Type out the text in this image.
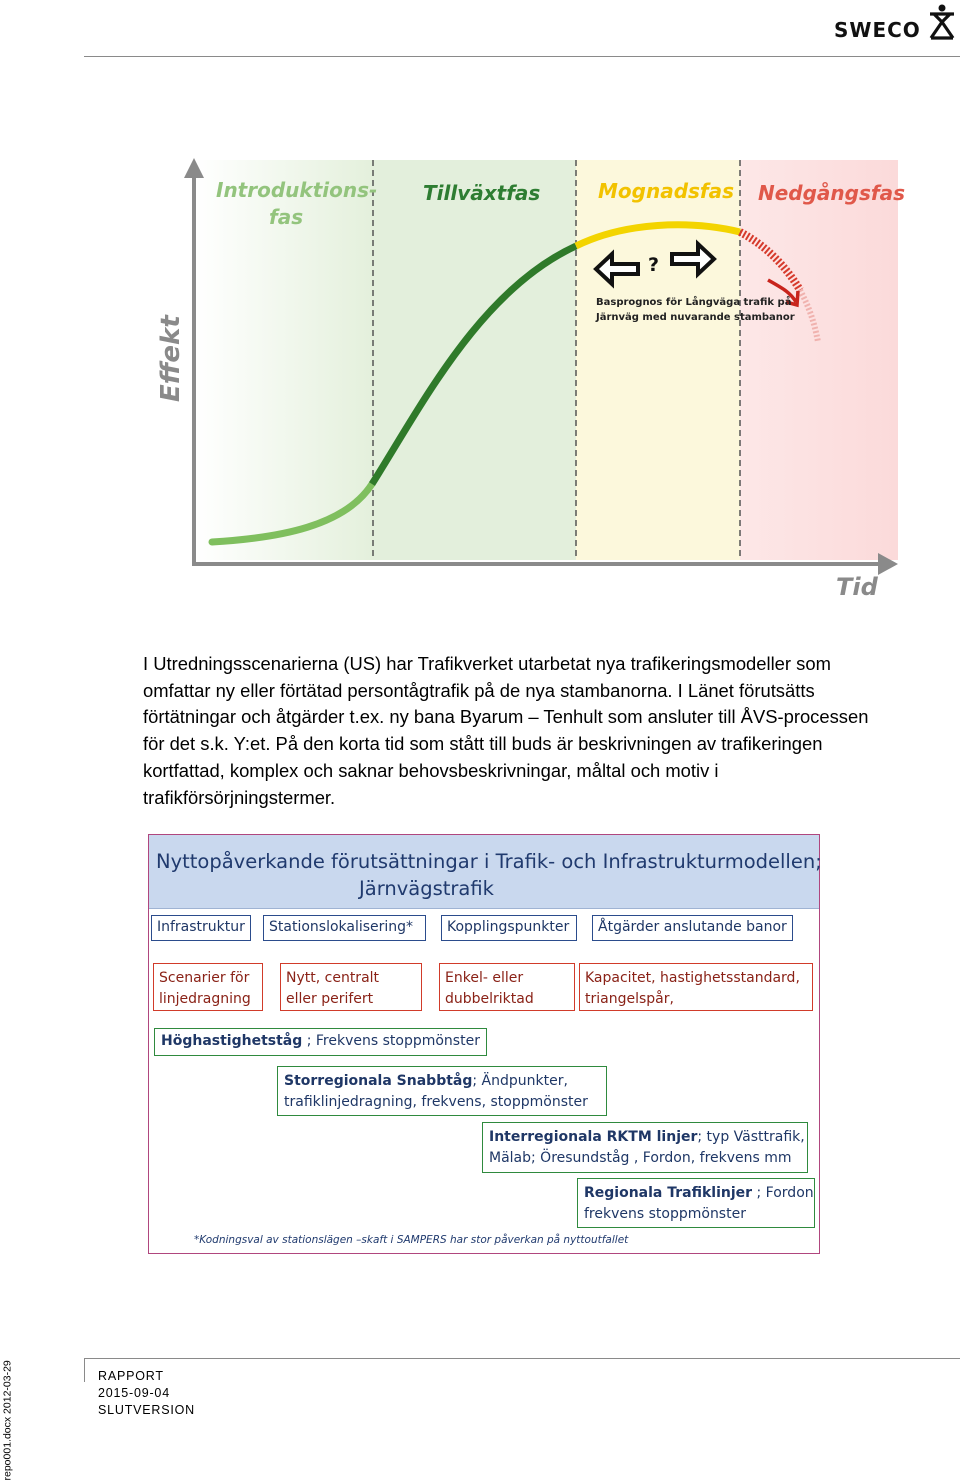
SWECO
?
Basprognos för Långväga trafik på
Järnväg med nuvarande stambanor
Introduktions-
fas
Tillväxtfas	Mognadsfas Nedgångsfas
Effekt
Tid
I Utredningsscenarierna (US) har Trafikverket utarbetat nya trafikeringsmodeller som
omfattar ny eller förtätad persontågtrafik på de nya stambanorna. I Länet förutsätts
förtätningar och åtgärder t.ex. ny bana Byarum – Tenhult som ansluter till ÅVS-processen
för det s.k. Y:et. På den korta tid som stått till buds är beskrivningen av trafikeringen
kortfattad, komplex och saknar behovsbeskrivningar, måltal och motiv i
trafikförsörjningstermer.
Nyttopåverkande förutsättningar i Trafik- och Infrastrukturmodellen;
Järnvägstrafik
Infrastruktur	Stationslokalisering*	Kopplingspunkter	Åtgärder anslutande banor
Scenarier för
linjedragning
Nytt, centralt
eller perifert
Enkel- eller
dubbelriktad
Kapacitet, hastighetsstandard,
triangelspår,
Höghastighetståg ; Frekvens stoppmönster
Storregionala Snabbtåg; Ändpunkter,
trafiklinjedragning, frekvens, stoppmönster
Interregionala RKTM linjer; typ Västtrafik,
Mälab; Öresundståg , Fordon, frekvens mm
Regionala Trafiklinjer ; Fordon
frekvens stoppmönster
*Kodningsval av stationslägen –skaft i SAMPERS har stor påverkan på nyttoutfallet
RAPPORT
2015-09-04
SLUTVERSION
repo001.docx 2012-03-29
